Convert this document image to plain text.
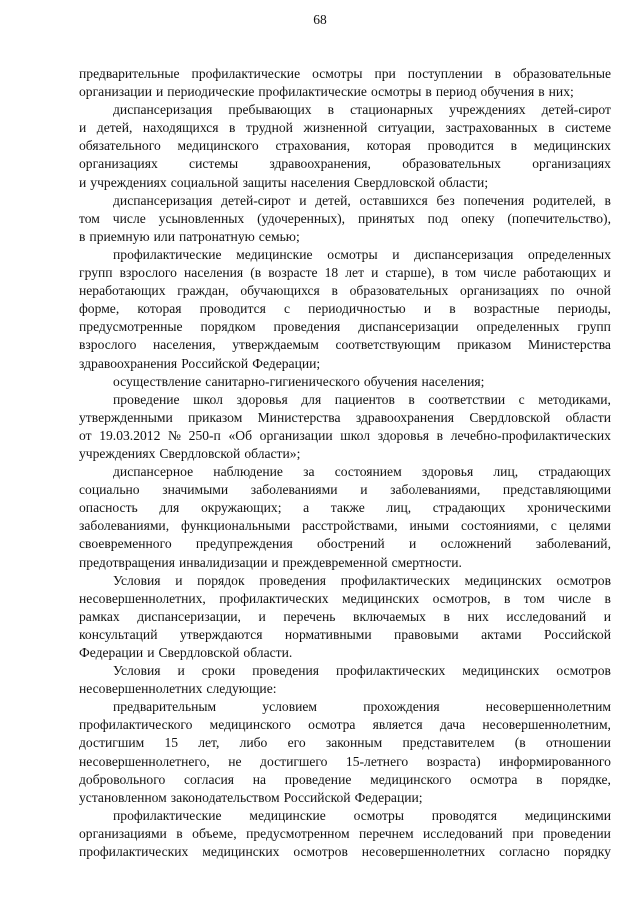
68
предварительные профилактические осмотры при поступлении в образовательные
организации и периодические профилактические осмотры в период обучения в них;
диспансеризация пребывающих в стационарных учреждениях детей-сирот
и детей, находящихся в трудной жизненной ситуации, застрахованных в системе
обязательного медицинского страхования, которая проводится в медицинских
организациях системы здравоохранения, образовательных организациях
и учреждениях социальной защиты населения Свердловской области;
диспансеризация детей-сирот и детей, оставшихся без попечения родителей, в
том числе усыновленных (удочеренных), принятых под опеку (попечительство),
в приемную или патронатную семью;
профилактические медицинские осмотры и диспансеризация определенных
групп взрослого населения (в возрасте 18 лет и старше), в том числе работающих и
неработающих граждан, обучающихся в образовательных организациях по очной
форме, которая проводится с периодичностью и в возрастные периоды,
предусмотренные порядком проведения диспансеризации определенных групп
взрослого населения, утверждаемым соответствующим приказом Министерства
здравоохранения Российской Федерации;
осуществление санитарно-гигиенического обучения населения;
проведение школ здоровья для пациентов в соответствии с методиками,
утвержденными приказом Министерства здравоохранения Свердловской области
от 19.03.2012 № 250-п «Об организации школ здоровья в лечебно-профилактических
учреждениях Свердловской области»;
диспансерное наблюдение за состоянием здоровья лиц, страдающих
социально значимыми заболеваниями и заболеваниями, представляющими
опасность для окружающих; а также лиц, страдающих хроническими
заболеваниями, функциональными расстройствами, иными состояниями, с целями
своевременного предупреждения обострений и осложнений заболеваний,
предотвращения инвалидизации и преждевременной смертности.
Условия и порядок проведения профилактических медицинских осмотров
несовершеннолетних, профилактических медицинских осмотров, в том числе в
рамках диспансеризации, и перечень включаемых в них исследований и
консультаций утверждаются нормативными правовыми актами Российской
Федерации и Свердловской области.
Условия и сроки проведения профилактических медицинских осмотров
несовершеннолетних следующие:
предварительным	условием	прохождения	несовершеннолетним
профилактического медицинского осмотра является дача несовершеннолетним,
достигшим 15 лет, либо его законным представителем (в отношении
несовершеннолетнего, не достигшего 15-летнего возраста) информированного
добровольного согласия на проведение медицинского осмотра в порядке,
установленном законодательством Российской Федерации;
профилактические медицинские осмотры проводятся медицинскими
организациями в объеме, предусмотренном перечнем исследований при проведении
профилактических медицинских осмотров несовершеннолетних согласно порядку
